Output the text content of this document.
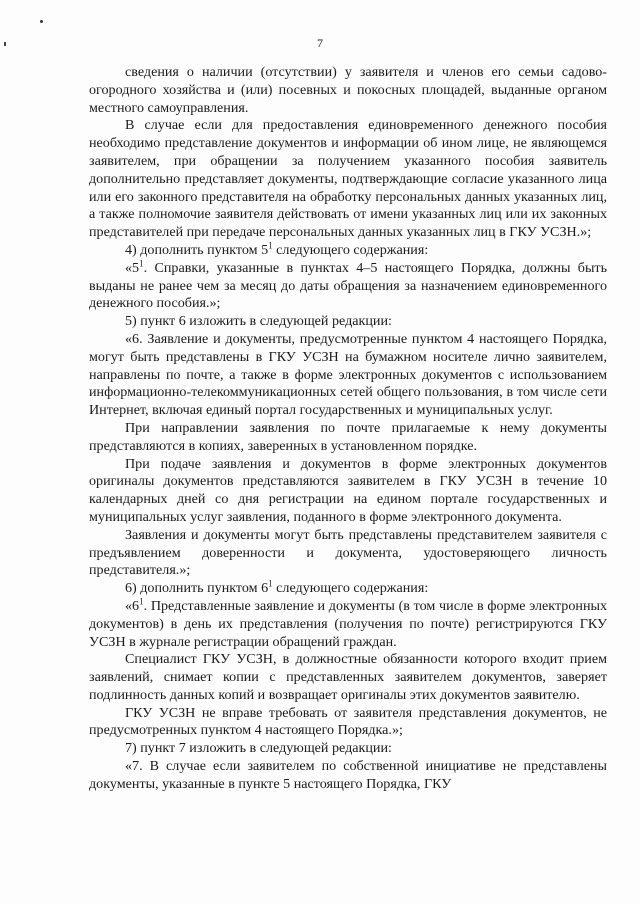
7

сведения о наличии (отсутствии) у заявителя и членов его семьи садово-огородного хозяйства и (или) посевных и покосных площадей, выданные органом местного самоуправления.

В случае если для предоставления единовременного денежного пособия необходимо представление документов и информации об ином лице, не являющемся заявителем, при обращении за получением указанного пособия заявитель дополнительно представляет документы, подтверждающие согласие указанного лица или его законного представителя на обработку персональных данных указанных лиц, а также полномочие заявителя действовать от имени указанных лиц или их законных представителей при передаче персональных данных указанных лиц в ГКУ УСЗН.»;

4) дополнить пунктом $5^1$ следующего содержания:

«$5^1$. Справки, указанные в пунктах 4–5 настоящего Порядка, должны быть выданы не ранее чем за месяц до даты обращения за назначением единовременного денежного пособия.»;

5) пункт 6 изложить в следующей редакции:

«6. Заявление и документы, предусмотренные пунктом 4 настоящего Порядка, могут быть представлены в ГКУ УСЗН на бумажном носителе лично заявителем, направлены по почте, а также в форме электронных документов с использованием информационно-телекоммуникационных сетей общего пользования, в том числе сети Интернет, включая единый портал государственных и муниципальных услуг.

При направлении заявления по почте прилагаемые к нему документы представляются в копиях, заверенных в установленном порядке.

При подаче заявления и документов в форме электронных документов оригиналы документов представляются заявителем в ГКУ УСЗН в течение 10 календарных дней со дня регистрации на едином портале государственных и муниципальных услуг заявления, поданного в форме электронного документа.

Заявления и документы могут быть представлены представителем заявителя с предъявлением доверенности и документа, удостоверяющего личность представителя.»;

6) дополнить пунктом $6^1$ следующего содержания:

«$6^1$. Представленные заявление и документы (в том числе в форме электронных документов) в день их представления (получения по почте) регистрируются ГКУ УСЗН в журнале регистрации обращений граждан.

Специалист ГКУ УСЗН, в должностные обязанности которого входит прием заявлений, снимает копии с представленных заявителем документов, заверяет подлинность данных копий и возвращает оригиналы этих документов заявителю.

ГКУ УСЗН не вправе требовать от заявителя представления документов, не предусмотренных пунктом 4 настоящего Порядка.»;

7) пункт 7 изложить в следующей редакции:

«7. В случае если заявителем по собственной инициативе не представлены документы, указанные в пункте 5 настоящего Порядка, ГКУ
